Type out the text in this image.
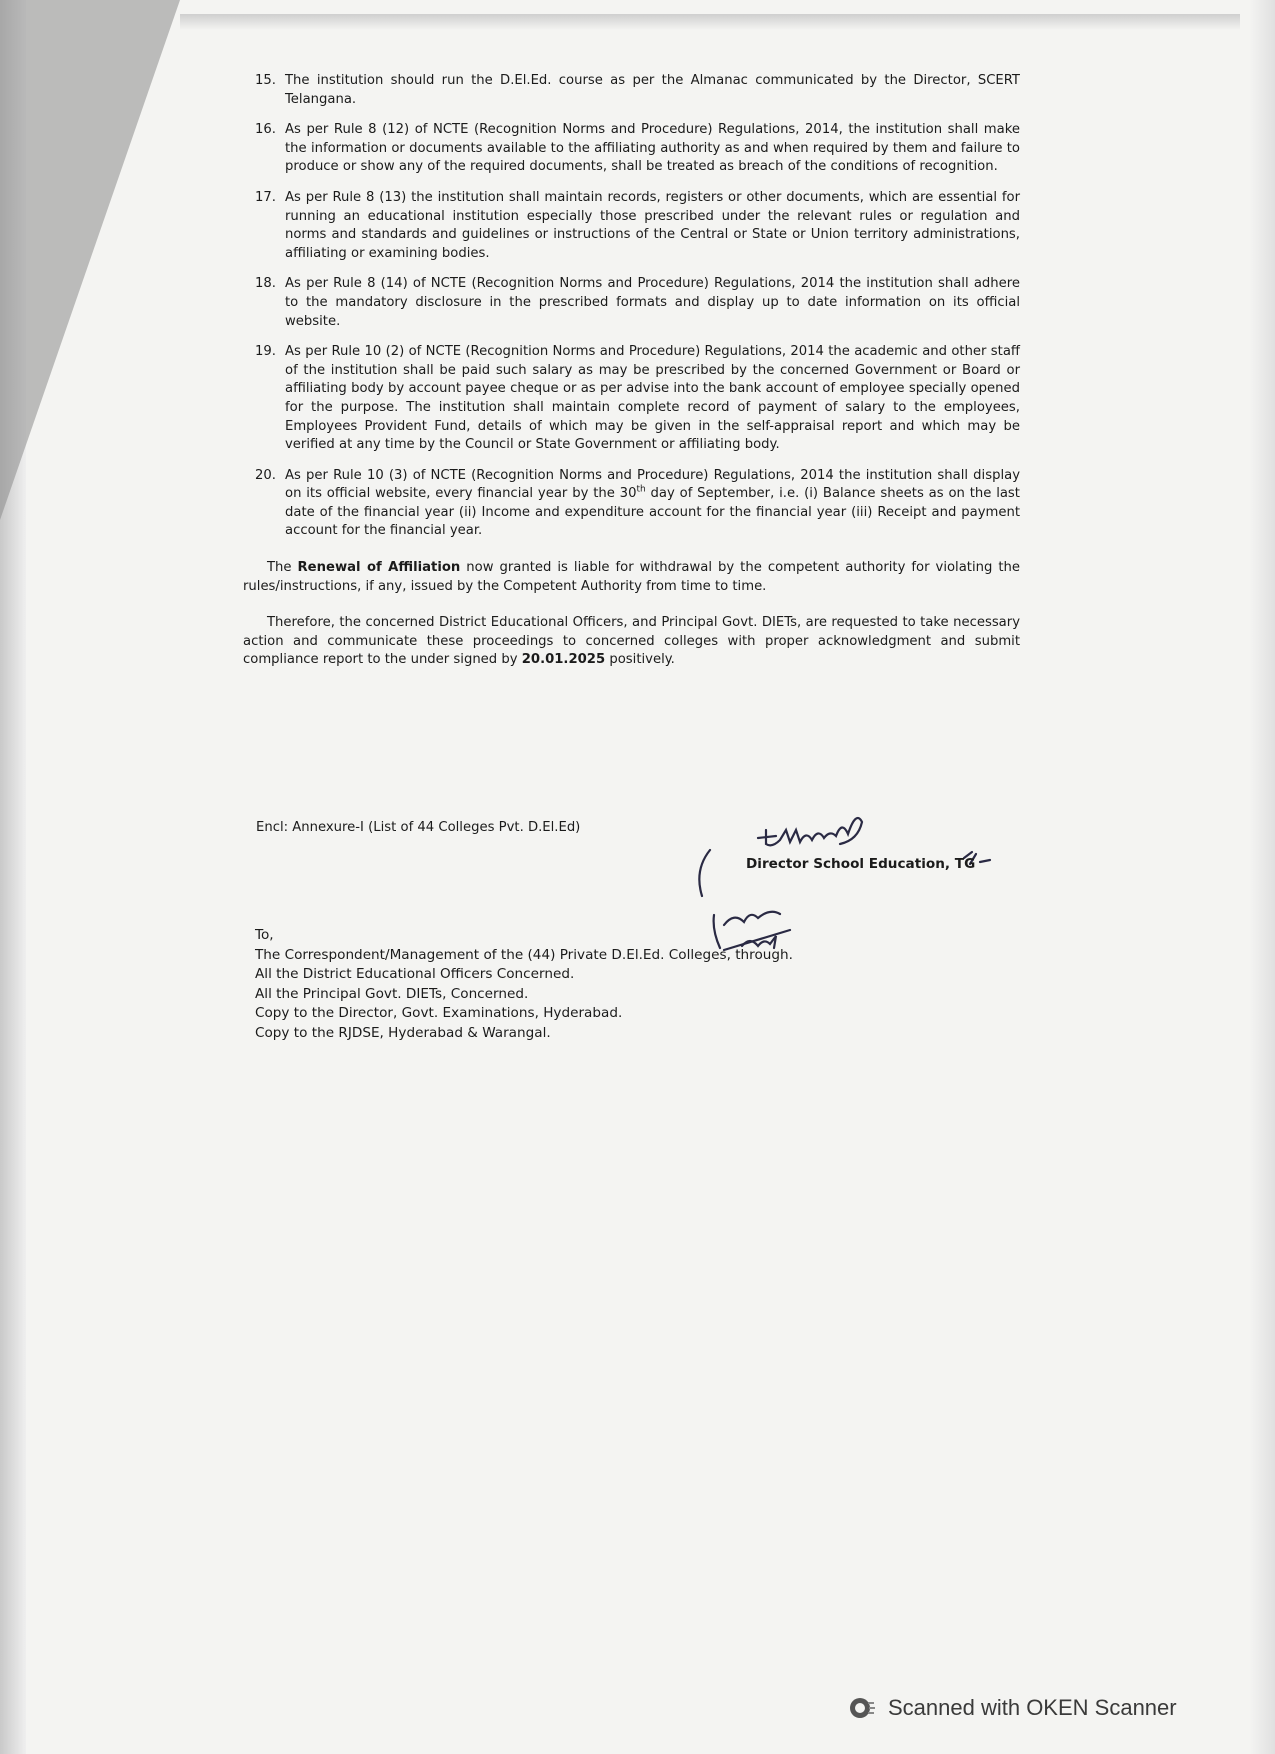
15. The institution should run the D.El.Ed. course as per the Almanac communicated by the Director, SCERT Telangana.
16. As per Rule 8 (12) of NCTE (Recognition Norms and Procedure) Regulations, 2014, the institution shall make the information or documents available to the affiliating authority as and when required by them and failure to produce or show any of the required documents, shall be treated as breach of the conditions of recognition.
17. As per Rule 8 (13) the institution shall maintain records, registers or other documents, which are essential for running an educational institution especially those prescribed under the relevant rules or regulation and norms and standards and guidelines or instructions of the Central or State or Union territory administrations, affiliating or examining bodies.
18. As per Rule 8 (14) of NCTE (Recognition Norms and Procedure) Regulations, 2014 the institution shall adhere to the mandatory disclosure in the prescribed formats and display up to date information on its official website.
19. As per Rule 10 (2) of NCTE (Recognition Norms and Procedure) Regulations, 2014 the academic and other staff of the institution shall be paid such salary as may be prescribed by the concerned Government or Board or affiliating body by account payee cheque or as per advise into the bank account of employee specially opened for the purpose. The institution shall maintain complete record of payment of salary to the employees, Employees Provident Fund, details of which may be given in the self-appraisal report and which may be verified at any time by the Council or State Government or affiliating body.
20. As per Rule 10 (3) of NCTE (Recognition Norms and Procedure) Regulations, 2014 the institution shall display on its official website, every financial year by the 30th day of September, i.e. (i) Balance sheets as on the last date of the financial year (ii) Income and expenditure account for the financial year (iii) Receipt and payment account for the financial year.
The Renewal of Affiliation now granted is liable for withdrawal by the competent authority for violating the rules/instructions, if any, issued by the Competent Authority from time to time.
Therefore, the concerned District Educational Officers, and Principal Govt. DIETs, are requested to take necessary action and communicate these proceedings to concerned colleges with proper acknowledgment and submit compliance report to the under signed by 20.01.2025 positively.
Encl: Annexure-I (List of 44 Colleges Pvt. D.El.Ed)
Director School Education, TG
To,
The Correspondent/Management of the (44) Private D.El.Ed. Colleges, through.
All the District Educational Officers Concerned.
All the Principal Govt. DIETs, Concerned.
Copy to the Director, Govt. Examinations, Hyderabad.
Copy to the RJDSE, Hyderabad & Warangal.
Scanned with OKEN Scanner
